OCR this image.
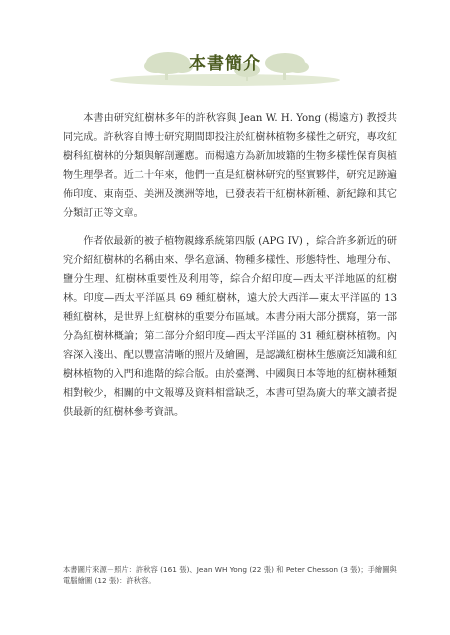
本書簡介

本書由研究紅樹林多年的許秋容與 Jean W. H. Yong (楊遠方) 教授共同完成。許秋容自博士研究期間即投注於紅樹林植物多樣性之研究，專攻紅樹科紅樹林的分類與解剖邏應。而楊遠方為新加坡籍的生物多樣性保育與植物生理學者。近二十年來，他們一直是紅樹林研究的堅實夥伴，研究足跡遍佈印度、東南亞、美洲及澳洲等地，已發表若干紅樹林新種、新紀錄和其它分類訂正等文章。

作者依最新的被子植物親緣系統第四版 (APG IV) ，綜合許多新近的研究介紹紅樹林的名稱由來、學名意涵、物種多樣性、形態特性、地理分布、鹽分生理、紅樹林重要性及利用等，綜合介紹印度—西太平洋地區的紅樹林。印度—西太平洋區具 69 種紅樹林，遠大於大西洋—東太平洋區的 13 種紅樹林，是世界上紅樹林的重要分布區域。本書分兩大部分撰寫，第一部分為紅樹林概論；第二部分介紹印度—西太平洋區的 31 種紅樹林植物。內容深入淺出、配以豐富清晰的照片及繪圖，是認識紅樹林生態廣泛知識和紅樹林植物的入門和進階的綜合版。由於臺灣、中國與日本等地的紅樹林種類相對較少，相關的中文報導及資料相當缺乏，本書可望為廣大的華文讀者提供最新的紅樹林參考資訊。

本書圖片來源－照片：許秋容 (161 張)、Jean WH Yong (22 張) 和 Peter Chesson (3 張)；手繪圖與電腦繪圖 (12 張)：許秋容。
